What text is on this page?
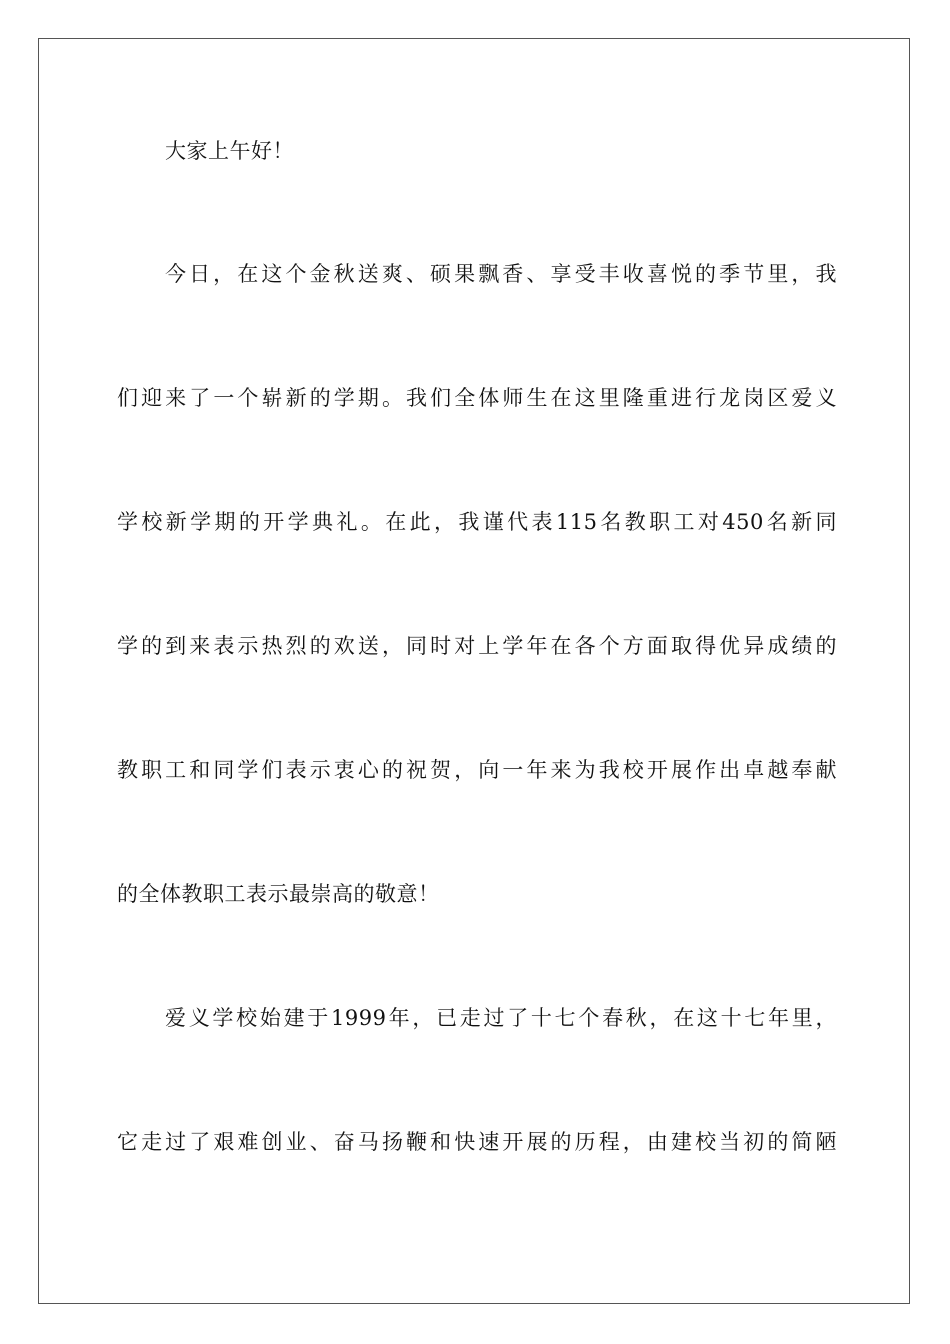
大家上午好！
今日，在这个金秋送爽、硕果飘香、享受丰收喜悦的季节里，我
们迎来了一个崭新的学期。我们全体师生在这里隆重进行龙岗区爱义
学校新学期的开学典礼。在此，我谨代表115名教职工对450名新同
学的到来表示热烈的欢送，同时对上学年在各个方面取得优异成绩的
教职工和同学们表示衷心的祝贺，向一年来为我校开展作出卓越奉献
的全体教职工表示最崇高的敬意！
爱义学校始建于1999年，已走过了十七个春秋，在这十七年里，
它走过了艰难创业、奋马扬鞭和快速开展的历程，由建校当初的简陋
